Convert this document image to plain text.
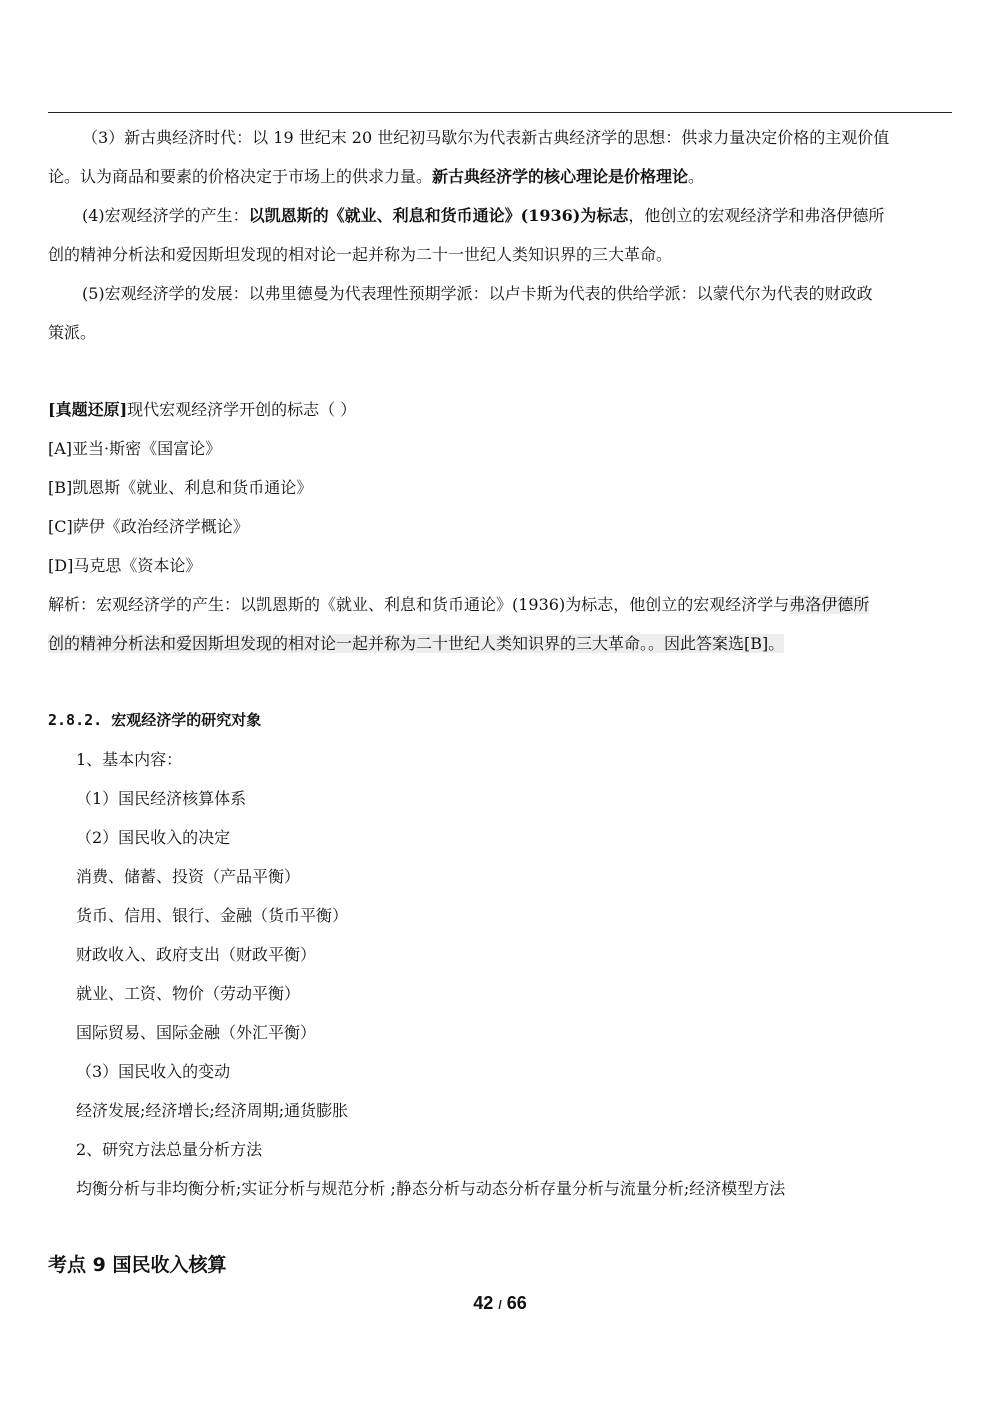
（3）新古典经济时代：以 19 世纪末 20 世纪初马歇尔为代表新古典经济学的思想：供求力量决定价格的主观价值
论。认为商品和要素的价格决定于市场上的供求力量。新古典经济学的核心理论是价格理论。
(4)宏观经济学的产生：以凯恩斯的《就业、利息和货币通论》(1936)为标志，他创立的宏观经济学和弗洛伊德所
创的精神分析法和爱因斯坦发现的相对论一起并称为二十一世纪人类知识界的三大革命。
(5)宏观经济学的发展：以弗里德曼为代表理性预期学派：以卢卡斯为代表的供给学派：以蒙代尔为代表的财政政
策派。
[真题还原]现代宏观经济学开创的标志（ ）
[A]亚当·斯密《国富论》
[B]凯恩斯《就业、利息和货币通论》
[C]萨伊《政治经济学概论》
[D]马克思《资本论》
解析：宏观经济学的产生：以凯恩斯的《就业、利息和货币通论》(1936)为标志，他创立的宏观经济学与弗洛伊德所
创的精神分析法和爱因斯坦发现的相对论一起并称为二十世纪人类知识界的三大革命。。因此答案选[B]。
2.8.2. 宏观经济学的研究对象
1、基本内容：
（1）国民经济核算体系
（2）国民收入的决定
消费、储蓄、投资（产品平衡）
货币、信用、银行、金融（货币平衡）
财政收入、政府支出（财政平衡）
就业、工资、物价（劳动平衡）
国际贸易、国际金融（外汇平衡）
（3）国民收入的变动
经济发展;经济增长;经济周期;通货膨胀
2、研究方法总量分析方法
均衡分析与非均衡分析;实证分析与规范分析 ;静态分析与动态分析存量分析与流量分析;经济模型方法
考点 9 国民收入核算
42 / 66
